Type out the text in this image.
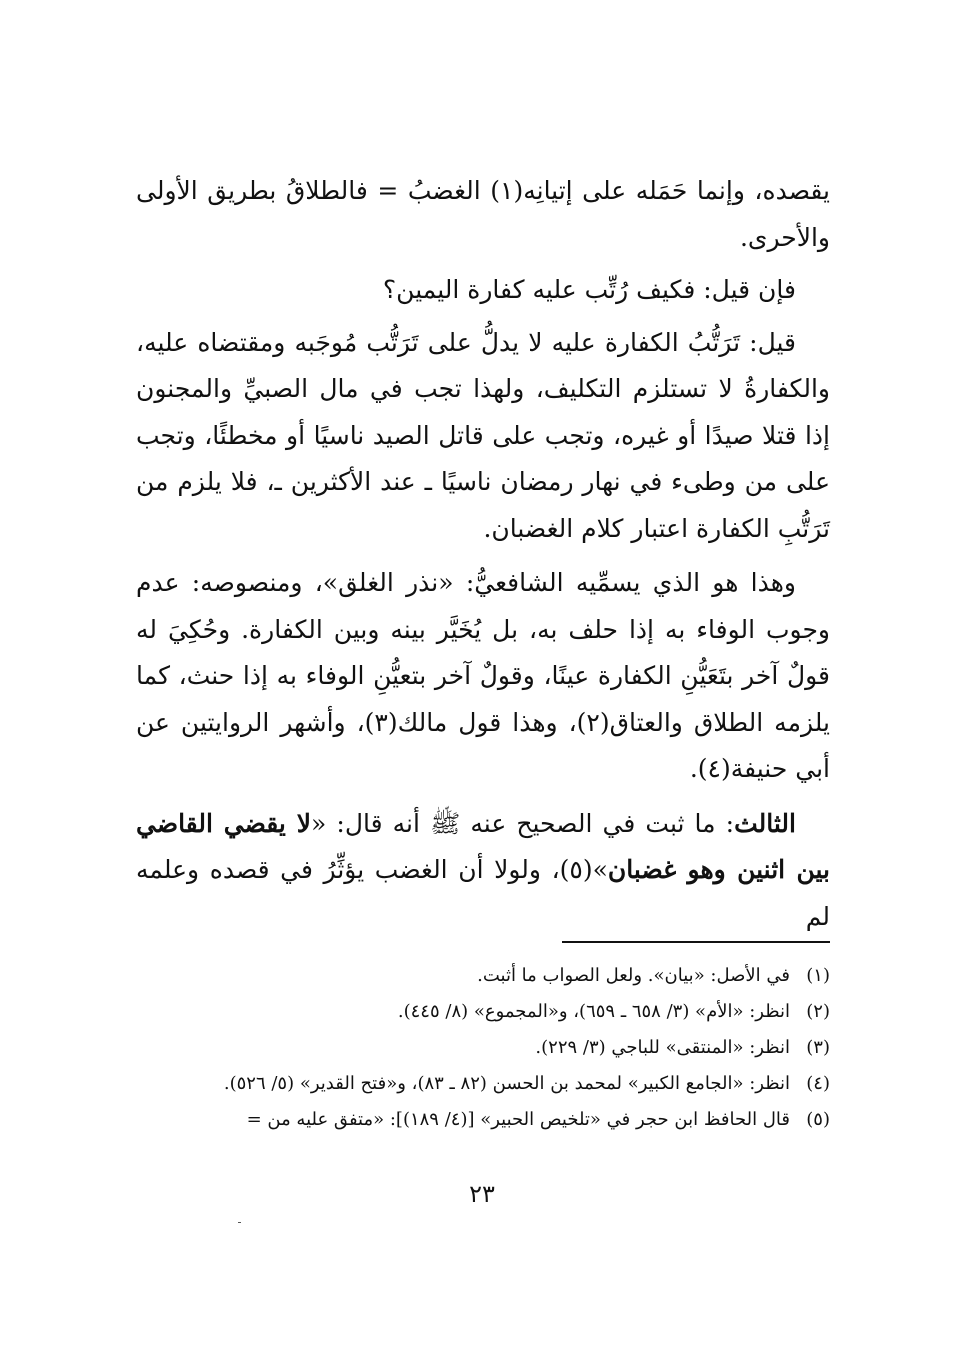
يقصده، وإنما حَمَله على إتيانِه(١) الغضبُ = فالطلاقُ بطريق الأولى والأحرى.

فإن قيل: فكيف رُتِّب عليه كفارة اليمين؟

قيل: تَرَتُّبُ الكفارة عليه لا يدلُّ على تَرَتُّب مُوجَبه ومقتضاه عليه، والكفارةُ لا تستلزم التكليف، ولهذا تجب في مال الصبيِّ والمجنون إذا قتلا صيدًا أو غيره، وتجب على قاتل الصيد ناسيًا أو مخطئًا، وتجب على من وطىء في نهار رمضان ناسيًا ـ عند الأكثرين ـ، فلا يلزم من تَرَتُّبِ الكفارة اعتبار كلام الغضبان.

وهذا هو الذي يسمِّيه الشافعيُّ: «نذر الغلق»، ومنصوصه: عدم وجوب الوفاء به إذا حلف به، بل يُخَيَّر بينه وبين الكفارة. وحُكِيَ له قولٌ آخر بتَعَيُّنِ الكفارة عينًا، وقولٌ آخر بتعيُّنِ الوفاء به إذا حنث، كما يلزمه الطلاق والعتاق(٢)، وهذا قول مالك(٣)، وأشهر الروايتين عن أبي حنيفة(٤).

الثالث: ما ثبت في الصحيح عنه ﷺ أنه قال: «لا يقضي القاضي بين اثنين وهو غضبان»(٥)، ولولا أن الغضب يؤثِّرُ في قصده وعلمه لم

(١)
في الأصل: «بيان». ولعل الصواب ما أثبت.
(٢)
انظر: «الأم» (٣/ ٦٥٨ ـ ٦٥٩)، و«المجموع» (٨/ ٤٤٥).
(٣)
انظر: «المنتقى» للباجي (٣/ ٢٢٩).
(٤)
انظر: «الجامع الكبير» لمحمد بن الحسن (٨٢ ـ ٨٣)، و«فتح القدير» (٥/ ٥٢٦).
(٥)
قال الحافظ ابن حجر في «تلخيص الحبير» [(٤/ ١٨٩)]: «متفق عليه من =
٢٣
